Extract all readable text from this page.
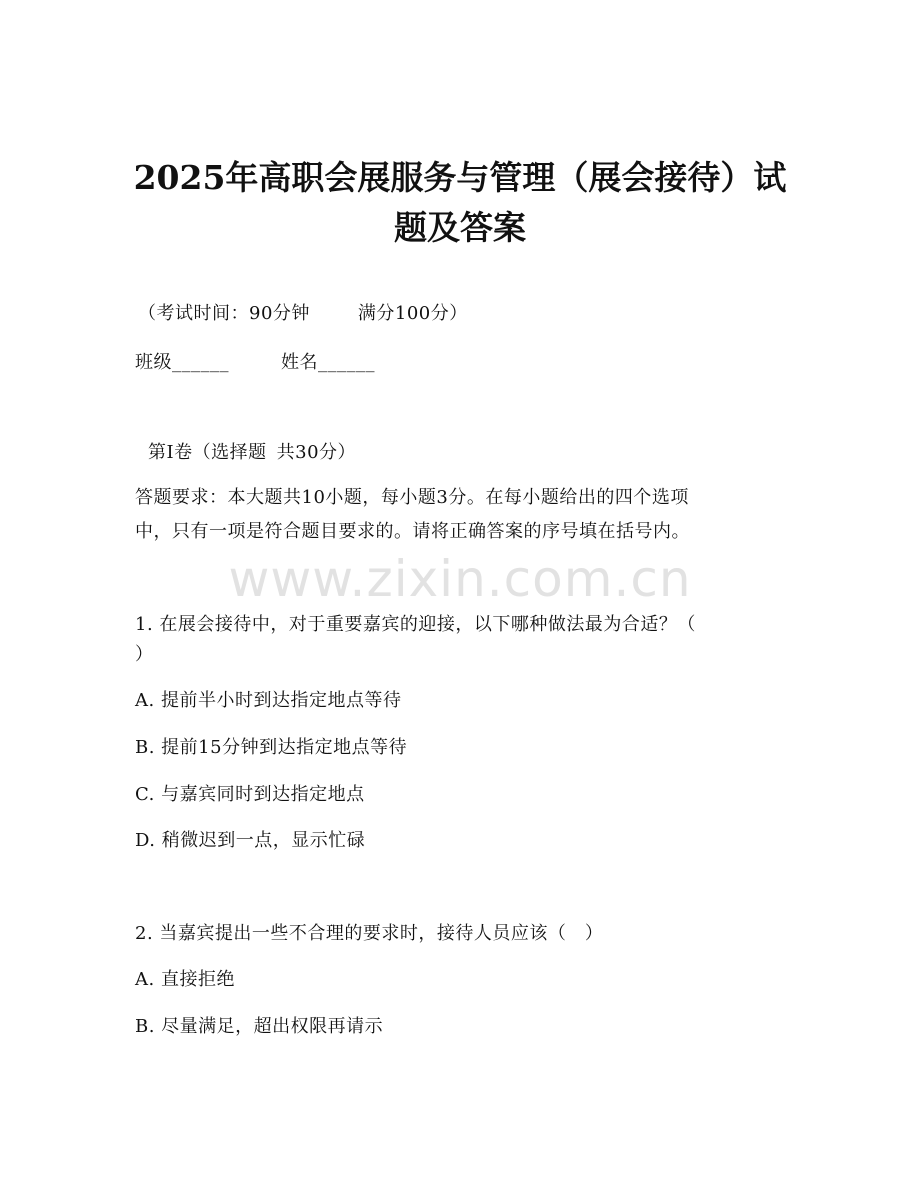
2025年高职会展服务与管理（展会接待）试
题及答案
（考试时间：90分钟	满分100分）
班级______	姓名______
第Ⅰ卷（选择题 共30分）
答题要求：本大题共10小题，每小题3分。在每小题给出的四个选项
中，只有一项是符合题目要求的。请将正确答案的序号填在括号内。
www.zixin.com.cn
1. 在展会接待中，对于重要嘉宾的迎接，以下哪种做法最为合适？（
）
A. 提前半小时到达指定地点等待
B. 提前15分钟到达指定地点等待
C. 与嘉宾同时到达指定地点
D. 稍微迟到一点，显示忙碌
2. 当嘉宾提出一些不合理的要求时，接待人员应该（　）
A. 直接拒绝
B. 尽量满足，超出权限再请示
